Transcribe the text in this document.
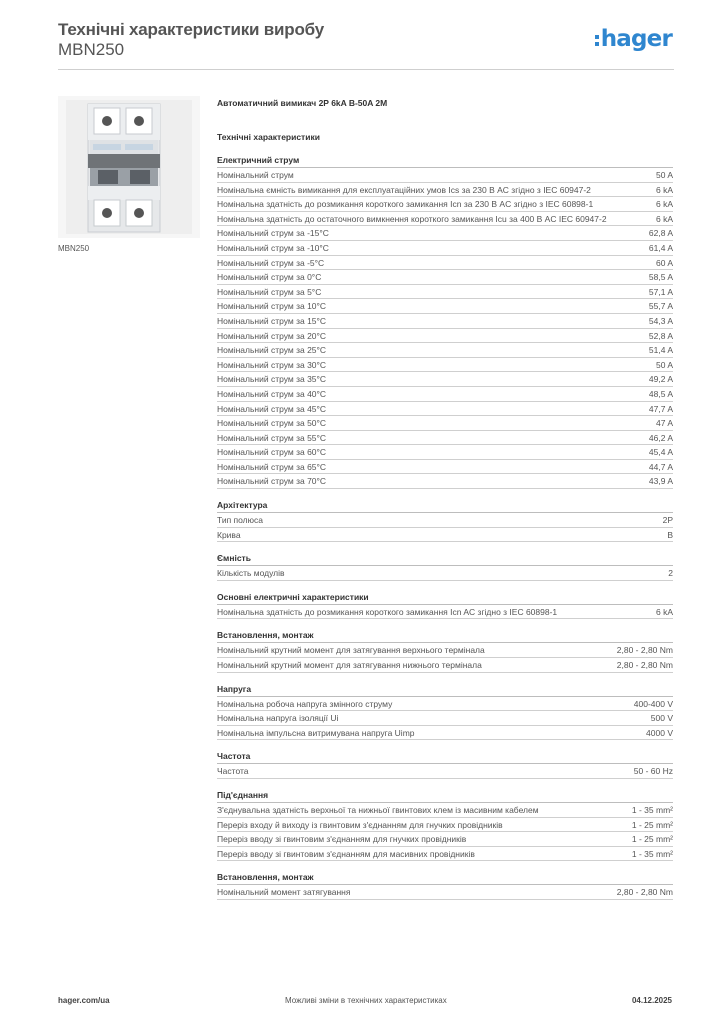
Технічні характеристики виробу
MBN250	hager
MBN250
Автоматичний вимикач 2P 6kA B-50A 2M
Технічні характеристики
Електричний струм
Номінальний струм	50 A
Номінальна ємність вимикання для експлуатаційних умов Ics за 230 В AC згідно з IEC 60947-2	6 kA
Номінальна здатність до розмикання короткого замикання Icn за 230 В AC згідно з IEC 60898-1	6 kA
Номінальна здатність до остаточного вимкнення короткого замикання Icu за 400 В AC IEC 60947-2	6 kA
Номінальний струм за -15°C	62,8 A
Номінальний струм за -10°C	61,4 A
Номінальний струм за -5°C	60 A
Номінальний струм за 0°C	58,5 A
Номінальний струм за 5°C	57,1 A
Номінальний струм за 10°C	55,7 A
Номінальний струм за 15°C	54,3 A
Номінальний струм за 20°C	52,8 A
Номінальний струм за 25°C	51,4 A
Номінальний струм за 30°C	50 A
Номінальний струм за 35°C	49,2 A
Номінальний струм за 40°C	48,5 A
Номінальний струм за 45°C	47,7 A
Номінальний струм за 50°C	47 A
Номінальний струм за 55°C	46,2 A
Номінальний струм за 60°C	45,4 A
Номінальний струм за 65°C	44,7 A
Номінальний струм за 70°C	43,9 A
Архітектура
Тип полюса	2P
Крива	B
Ємність
Кількість модулів	2
Основні електричні характеристики
Номінальна здатність до розмикання короткого замикання Icn AC згідно з IEC 60898-1	6 kA
Встановлення, монтаж
Номінальний крутний момент для затягування верхнього термінала	2,80 - 2,80 Nm
Номінальний крутний момент для затягування нижнього термінала	2,80 - 2,80 Nm
Напруга
Номінальна робоча напруга змінного струму	400-400 V
Номінальна напруга ізоляції Ui	500 V
Номінальна імпульсна витримувана напруга Uimp	4000 V
Частота
Частота	50 - 60 Hz
Під'єднання
З'єднувальна здатність верхньої та нижньої гвинтових клем із масивним кабелем	1 - 35 mm²
Переріз входу й виходу із гвинтовим з'єднанням для гнучких провідників	1 - 25 mm²
Переріз вводу зі гвинтовим з'єднанням для гнучких провідників	1 - 25 mm²
Переріз вводу зі гвинтовим з'єднанням для масивних провідників	1 - 35 mm²
Встановлення, монтаж
Номінальний момент затягування	2,80 - 2,80 Nm
hager.com/ua	Можливі зміни в технічних характеристиках	04.12.2025
